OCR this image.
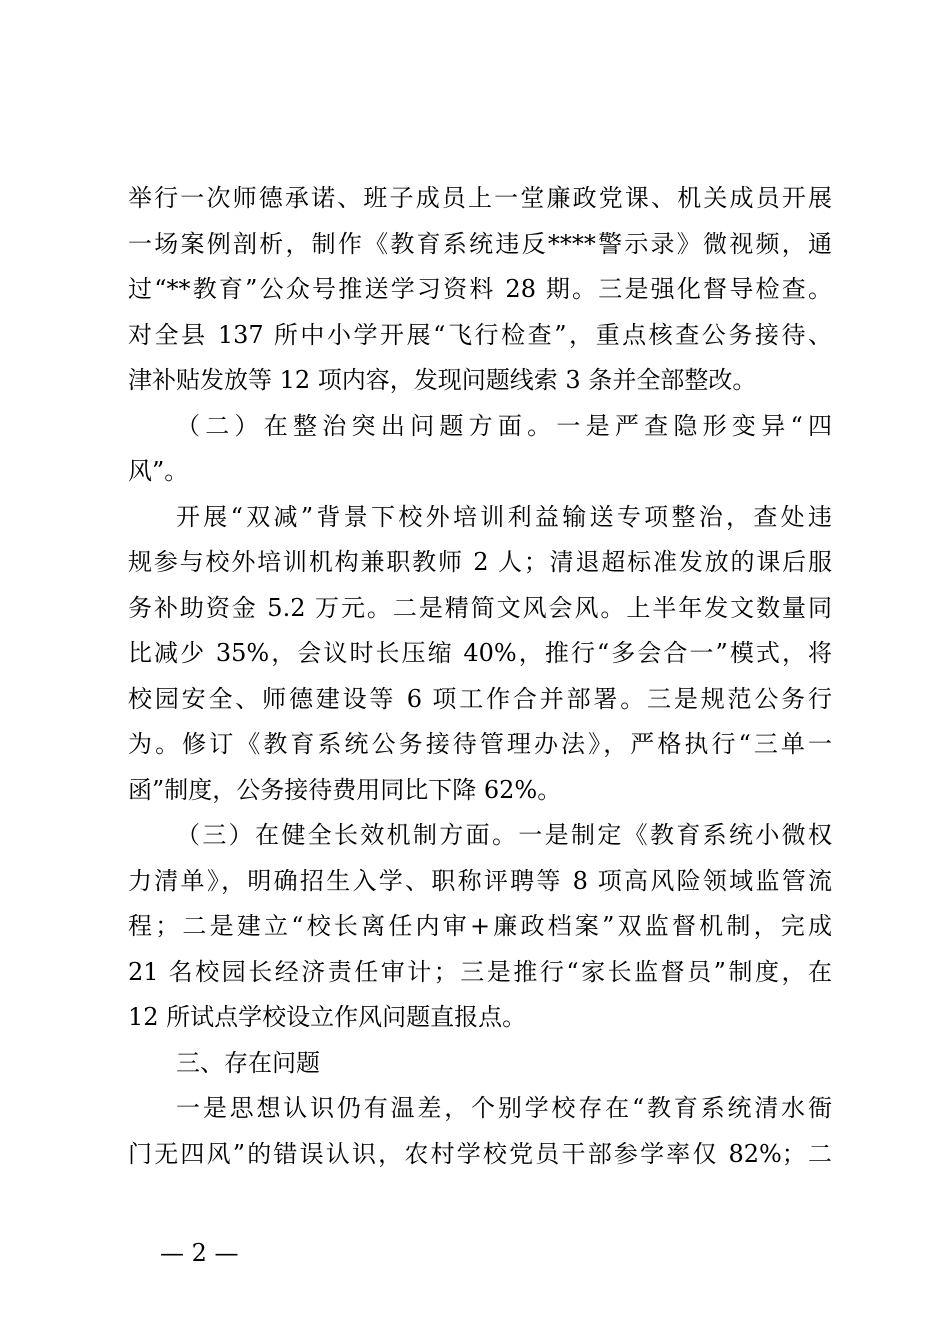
举行一次师德承诺、班子成员上一堂廉政党课、机关成员开展
一场案例剖析，制作《教育系统违反****警示录》微视频，通
过“**教育”公众号推送学习资料 28 期。三是强化督导检查。
对全县 137 所中小学开展“飞行检查”，重点核查公务接待、
津补贴发放等 12 项内容，发现问题线索 3 条并全部整改。
（二）在整治突出问题方面。一是严查隐形变异“四
风”。
开展“双减”背景下校外培训利益输送专项整治，查处违
规参与校外培训机构兼职教师 2 人；清退超标准发放的课后服
务补助资金 5.2 万元。二是精简文风会风。上半年发文数量同
比减少 35%，会议时长压缩 40%，推行“多会合一”模式，将
校园安全、师德建设等 6 项工作合并部署。三是规范公务行
为。修订《教育系统公务接待管理办法》，严格执行“三单一
函”制度，公务接待费用同比下降 62%。
（三）在健全长效机制方面。一是制定《教育系统小微权
力清单》，明确招生入学、职称评聘等 8 项高风险领域监管流
程；二是建立“校长离任内审+廉政档案”双监督机制，完成
21 名校园长经济责任审计；三是推行“家长监督员”制度，在
12 所试点学校设立作风问题直报点。
三、存在问题
一是思想认识仍有温差，个别学校存在“教育系统清水衙
门无四风”的错误认识，农村学校党员干部参学率仅 82%；二
— 2 —
